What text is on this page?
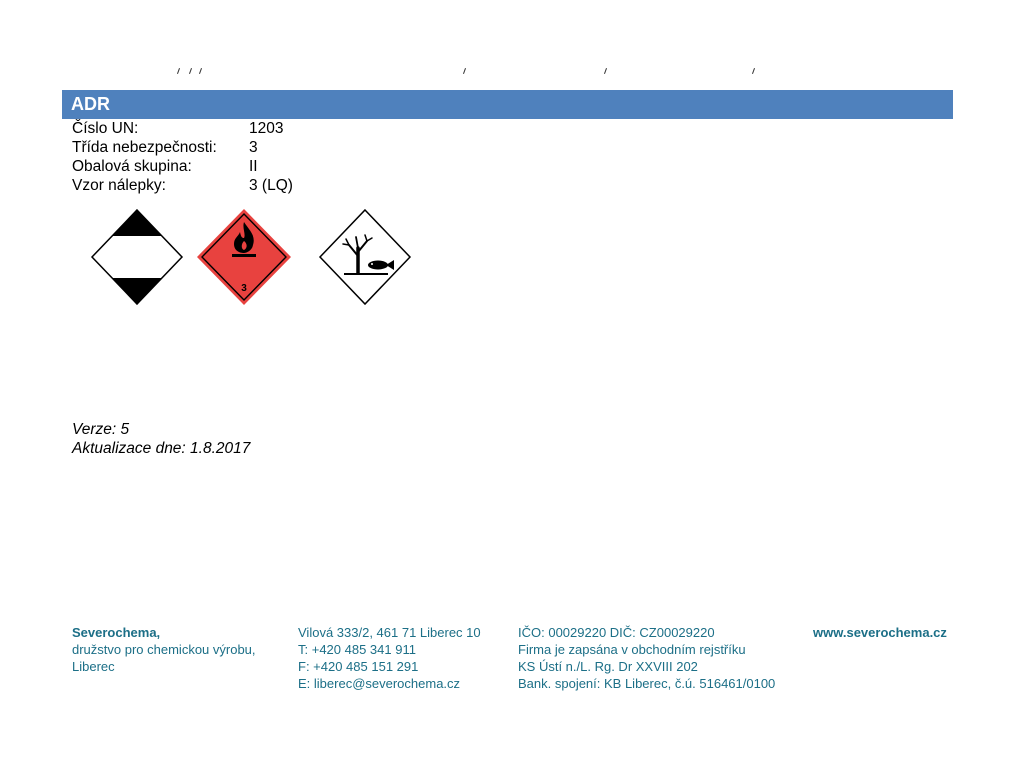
ADR
Číslo UN:	1203
Třída nebezpečnosti:	3
Obalová skupina:	II
Vzor nálepky:	3 (LQ)
3
Verze: 5
Aktualizace dne: 1.8.2017
Severochema,
družstvo pro chemickou výrobu,
Liberec
Vilová 333/2, 461 71 Liberec 10
T: +420 485 341 911
F: +420 485 151 291
E: liberec@severochema.cz
IČO: 00029220 DIČ: CZ00029220
Firma je zapsána v obchodním rejstříku
KS Ústí n./L. Rg. Dr XXVIII 202
Bank. spojení: KB Liberec, č.ú. 516461/0100
www.severochema.cz
